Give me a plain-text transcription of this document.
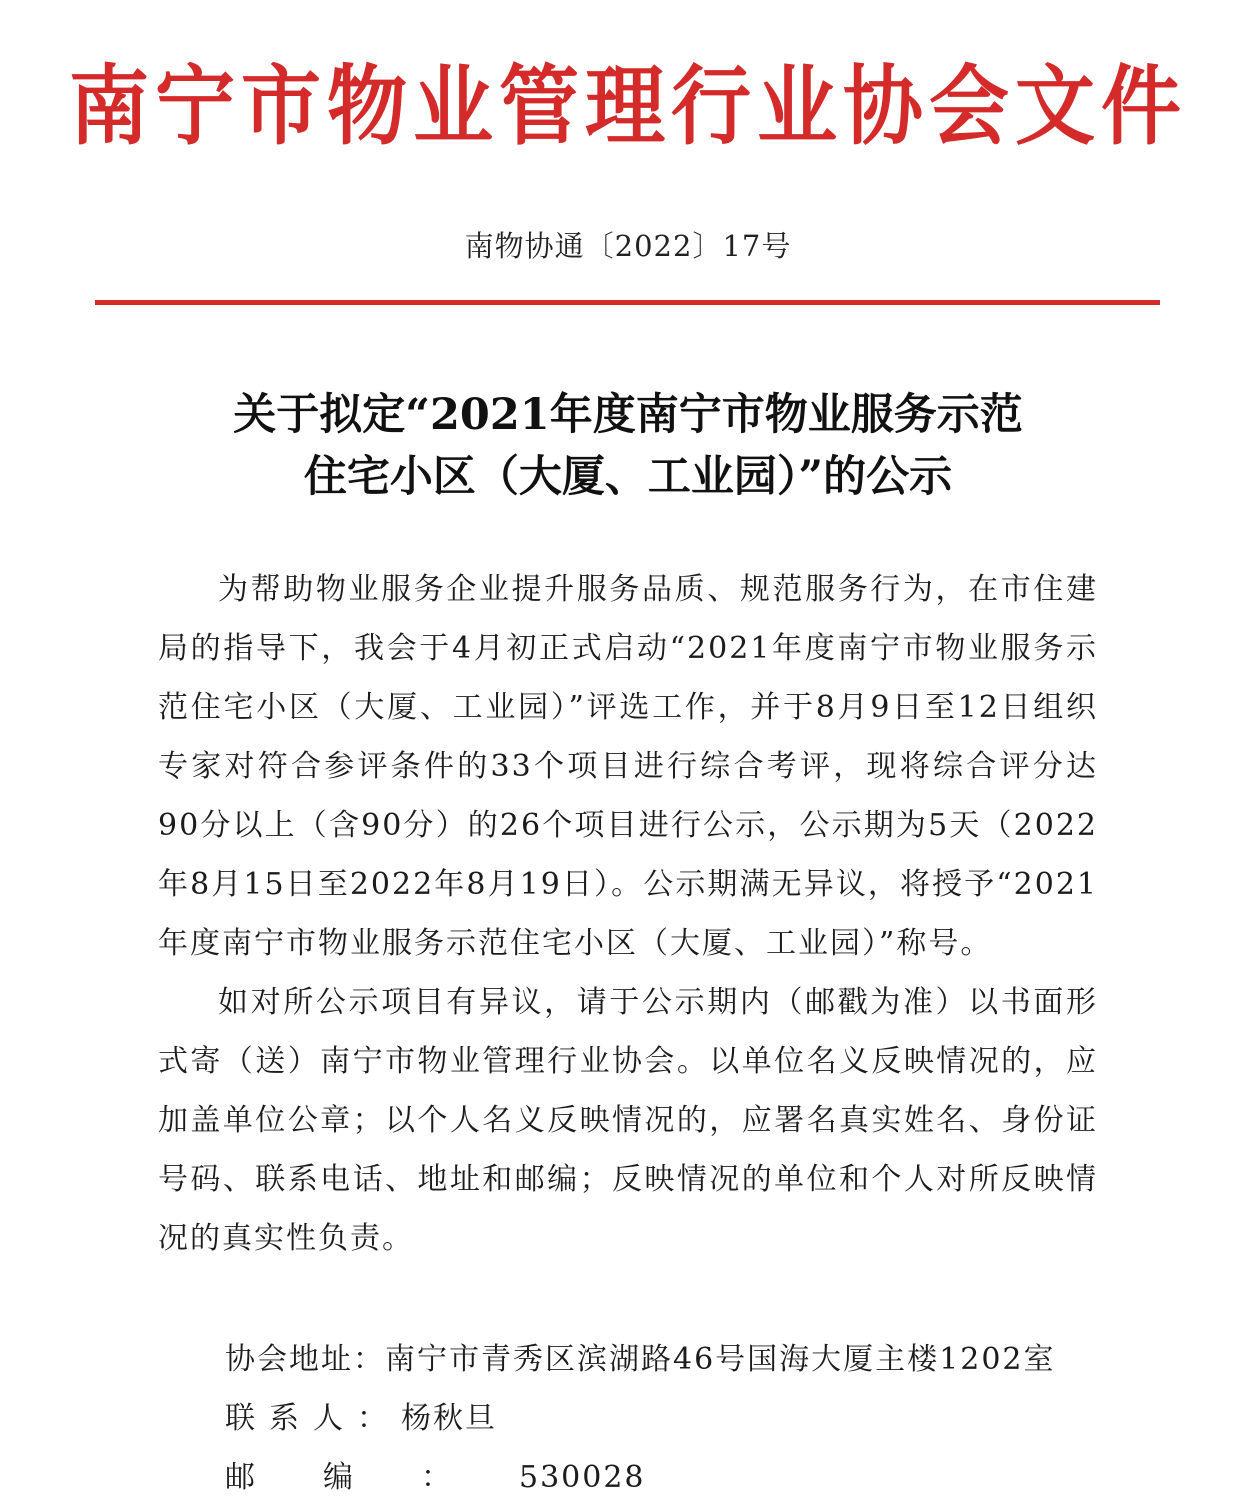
南宁市物业管理行业协会文件
南物协通〔2022〕17号
关于拟定“2021年度南宁市物业服务示范
住宅小区（大厦、工业园）”的公示

为帮助物业服务企业提升服务品质、规范服务行为，在市住建局的指导下，我会于4月初正式启动“2021年度南宁市物业服务示范住宅小区（大厦、工业园）”评选工作，并于8月9日至12日组织专家对符合参评条件的33个项目进行综合考评，现将综合评分达90分以上（含90分）的26个项目进行公示，公示期为5天（2022年8月15日至2022年8月19日）。公示期满无异议，将授予“2021年度南宁市物业服务示范住宅小区（大厦、工业园）”称号。

如对所公示项目有异议，请于公示期内（邮戳为准）以书面形式寄（送）南宁市物业管理行业协会。以单位名义反映情况的，应加盖单位公章；以个人名义反映情况的，应署名真实姓名、身份证号码、联系电话、地址和邮编；反映情况的单位和个人对所反映情况的真实性负责。

协会地址： 南宁市青秀区滨湖路46号国海大厦主楼1202室
联系人： 杨秋旦
邮编： 530028
